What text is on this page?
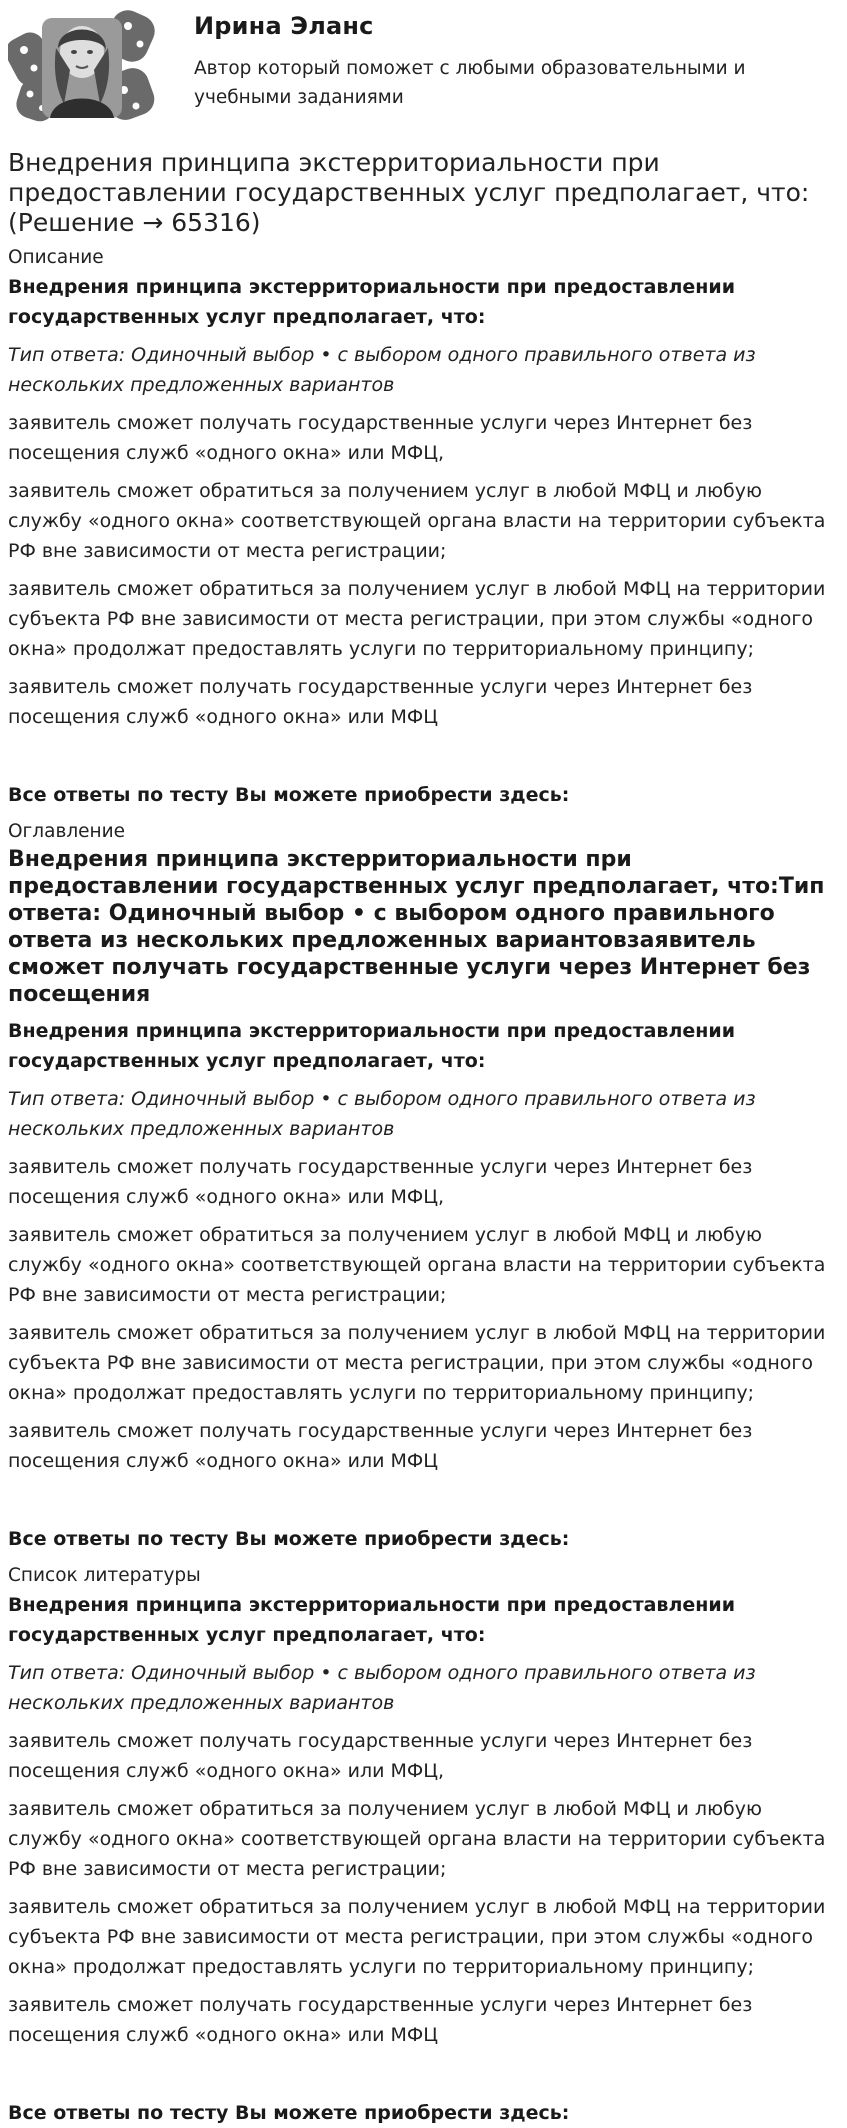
Ирина Эланс
Автор который поможет с любыми образовательными и учебными заданиями
Внедрения принципа экстерриториальности при предоставлении государственных услуг предполагает, что: (Решение → 65316)
Описание
Внедрения принципа экстерриториальности при предоставлении государственных услуг предполагает, что:
Тип ответа: Одиночный выбор • с выбором одного правильного ответа из нескольких предложенных вариантов
заявитель сможет получать государственные услуги через Интернет без посещения служб «одного окна» или МФЦ,
заявитель сможет обратиться за получением услуг в любой МФЦ и любую службу «одного окна» соответствующей органа власти на территории субъекта РФ вне зависимости от места регистрации;
заявитель сможет обратиться за получением услуг в любой МФЦ на территории субъекта РФ вне зависимости от места регистрации, при этом службы «одного окна» продолжат предоставлять услуги по территориальному принципу;
заявитель сможет получать государственные услуги через Интернет без посещения служб «одного окна» или МФЦ
Все ответы по тесту Вы можете приобрести здесь:
Оглавление
Внедрения принципа экстерриториальности при предоставлении государственных услуг предполагает, что:Тип ответа: Одиночный выбор • с выбором одного правильного ответа из нескольких предложенных вариантовзаявитель сможет получать государственные услуги через Интернет без посещения
Внедрения принципа экстерриториальности при предоставлении государственных услуг предполагает, что:
Тип ответа: Одиночный выбор • с выбором одного правильного ответа из нескольких предложенных вариантов
заявитель сможет получать государственные услуги через Интернет без посещения служб «одного окна» или МФЦ,
заявитель сможет обратиться за получением услуг в любой МФЦ и любую службу «одного окна» соответствующей органа власти на территории субъекта РФ вне зависимости от места регистрации;
заявитель сможет обратиться за получением услуг в любой МФЦ на территории субъекта РФ вне зависимости от места регистрации, при этом службы «одного окна» продолжат предоставлять услуги по территориальному принципу;
заявитель сможет получать государственные услуги через Интернет без посещения служб «одного окна» или МФЦ
Все ответы по тесту Вы можете приобрести здесь:
Список литературы
Внедрения принципа экстерриториальности при предоставлении государственных услуг предполагает, что:
Тип ответа: Одиночный выбор • с выбором одного правильного ответа из нескольких предложенных вариантов
заявитель сможет получать государственные услуги через Интернет без посещения служб «одного окна» или МФЦ,
заявитель сможет обратиться за получением услуг в любой МФЦ и любую службу «одного окна» соответствующей органа власти на территории субъекта РФ вне зависимости от места регистрации;
заявитель сможет обратиться за получением услуг в любой МФЦ на территории субъекта РФ вне зависимости от места регистрации, при этом службы «одного окна» продолжат предоставлять услуги по территориальному принципу;
заявитель сможет получать государственные услуги через Интернет без посещения служб «одного окна» или МФЦ
Все ответы по тесту Вы можете приобрести здесь:
